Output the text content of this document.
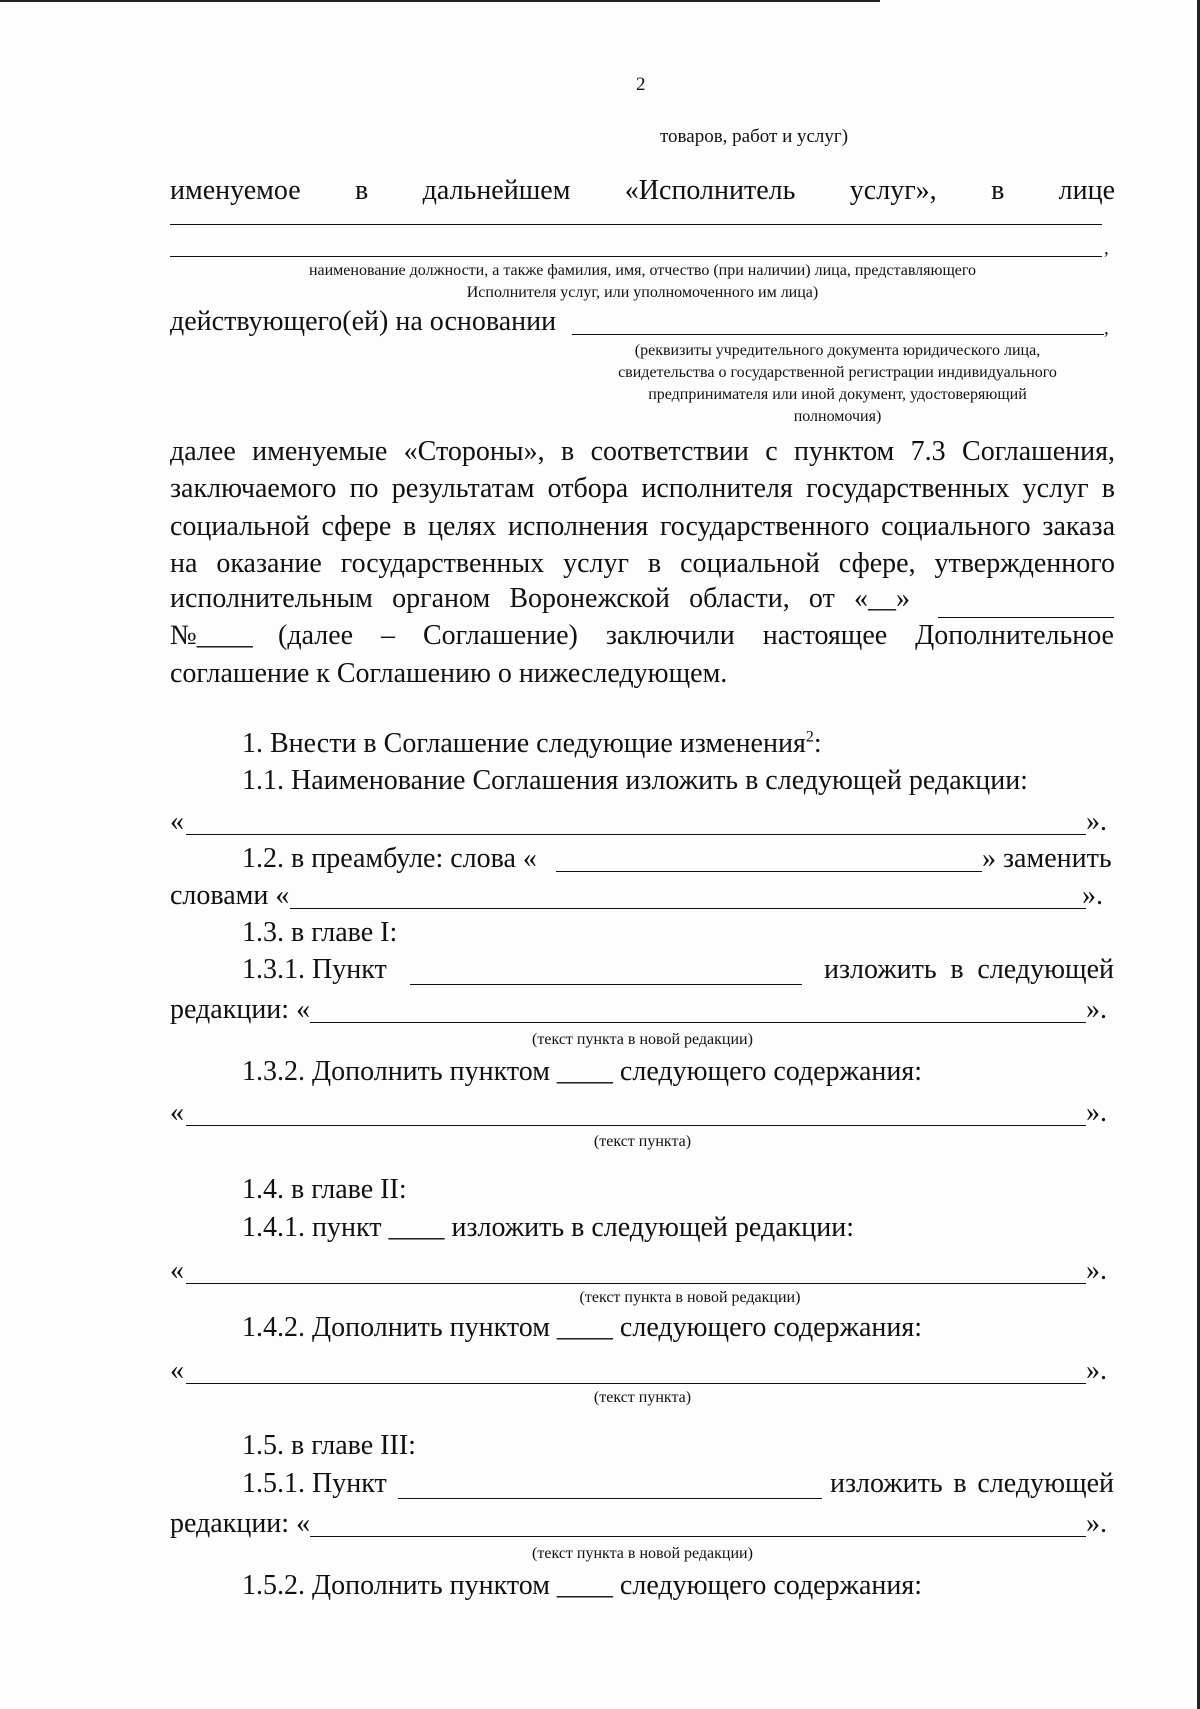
2
товаров, работ и услуг)
именуемое в дальнейшем «Исполнитель услуг», в лице
,
наименование должности, а также фамилия, имя, отчество (при наличии) лица, представляющего
Исполнителя услуг, или уполномоченного им лица)
действующего(ей) на основании	,
(реквизиты учредительного документа юридического лица,
свидетельства о государственной регистрации индивидуального
предпринимателя или иной документ, удостоверяющий
полномочия)
далее именуемые «Стороны», в соответствии с пунктом 7.3 Соглашения,
заключаемого по результатам отбора исполнителя государственных услуг в
социальной сфере в целях исполнения государственного социального заказа
на оказание государственных услуг в социальной сфере, утвержденного
исполнительным органом Воронежской области, от «__»
№____ (далее – Соглашение) заключили настоящее Дополнительное
соглашение к Соглашению о нижеследующем.
1. Внести в Соглашение следующие изменения$^2$:
1.1. Наименование Соглашения изложить в следующей редакции:
«	».
1.2. в преамбуле: слова «	» заменить
словами «	».
1.3. в главе I:
1.3.1. Пункт	изложить в следующей
редакции: «	».
(текст пункта в новой редакции)
1.3.2. Дополнить пунктом ____ следующего содержания:
«	».
(текст пункта)
1.4. в главе II:
1.4.1. пункт ____ изложить в следующей редакции:
«	».
(текст пункта в новой редакции)
1.4.2. Дополнить пунктом ____ следующего содержания:
«	».
(текст пункта)
1.5. в главе III:
1.5.1. Пункт	изложить в следующей
редакции: «	».
(текст пункта в новой редакции)
1.5.2. Дополнить пунктом ____ следующего содержания:
